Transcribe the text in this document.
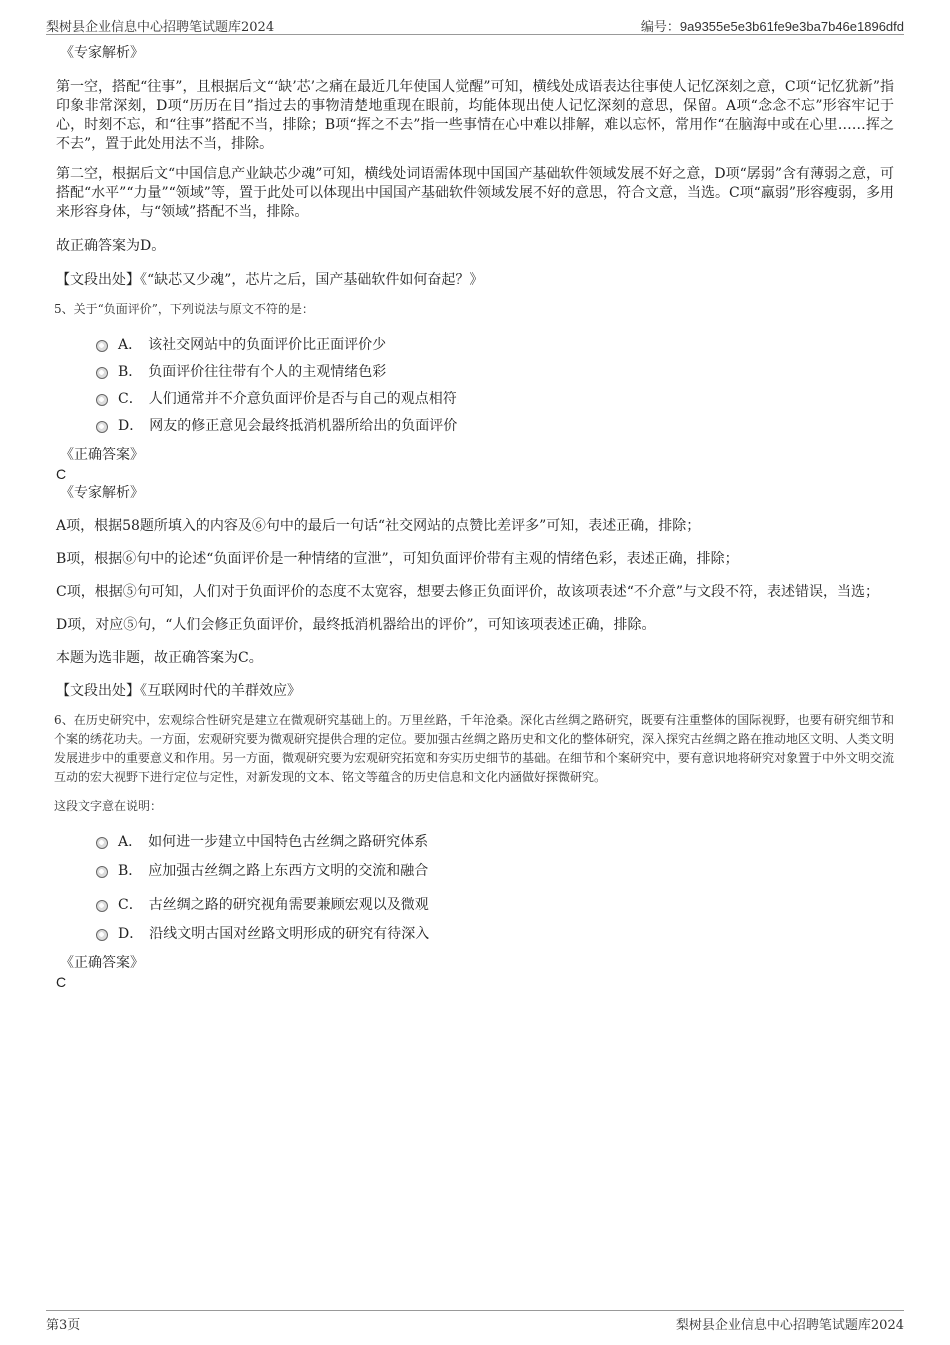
梨树县企业信息中心招聘笔试题库2024	编号：9a9355e5e3b61fe9e3ba7b46e1896dfd

《专家解析》

第一空，搭配“往事”，且根据后文“‘缺’芯’之痛在最近几年使国人觉醒”可知，横线处成语表达往事使人记忆深刻之意，C项“记忆犹新”指印象非常深刻，D项“历历在目”指过去的事物清楚地重现在眼前，均能体现出使人记忆深刻的意思，保留。A项“念念不忘”形容牢记于心，时刻不忘，和“往事”搭配不当，排除；B项“挥之不去”指一些事情在心中难以排解，难以忘怀，常用作“在脑海中或在心里……挥之不去”，置于此处用法不当，排除。

第二空，根据后文“中国信息产业缺芯少魂”可知，横线处词语需体现中国国产基础软件领域发展不好之意，D项“孱弱”含有薄弱之意，可搭配“水平”“力量”“领域”等，置于此处可以体现出中国国产基础软件领域发展不好的意思，符合文意，当选。C项“羸弱”形容瘦弱，多用来形容身体，与“领域”搭配不当，排除。

故正确答案为D。

【文段出处】《“缺芯又少魂”，芯片之后，国产基础软件如何奋起？》

5、关于“负面评价”，下列说法与原文不符的是：

A． 该社交网站中的负面评价比正面评价少
B． 负面评价往往带有个人的主观情绪色彩
C． 人们通常并不介意负面评价是否与自己的观点相符
D． 网友的修正意见会最终抵消机器所给出的负面评价

《正确答案》

C

《专家解析》

A项，根据58题所填入的内容及⑥句中的最后一句话“社交网站的点赞比差评多”可知，表述正确，排除；

B项，根据⑥句中的论述“负面评价是一种情绪的宣泄”，可知负面评价带有主观的情绪色彩，表述正确，排除；

C项，根据⑤句可知，人们对于负面评价的态度不太宽容，想要去修正负面评价，故该项表述“不介意”与文段不符，表述错误，当选；

D项，对应⑤句，“人们会修正负面评价，最终抵消机器给出的评价”，可知该项表述正确，排除。

本题为选非题，故正确答案为C。

【文段出处】《互联网时代的羊群效应》

6、在历史研究中，宏观综合性研究是建立在微观研究基础上的。万里丝路，千年沧桑。深化古丝绸之路研究，既要有注重整体的国际视野，也要有研究细节和个案的绣花功夫。一方面，宏观研究要为微观研究提供合理的定位。要加强古丝绸之路历史和文化的整体研究，深入探究古丝绸之路在推动地区文明、人类文明发展进步中的重要意义和作用。另一方面，微观研究要为宏观研究拓宽和夯实历史细节的基础。在细节和个案研究中，要有意识地将研究对象置于中外文明交流互动的宏大视野下进行定位与定性，对新发现的文本、铭文等蕴含的历史信息和文化内涵做好探微研究。

这段文字意在说明：

A． 如何进一步建立中国特色古丝绸之路研究体系
B． 应加强古丝绸之路上东西方文明的交流和融合
C． 古丝绸之路的研究视角需要兼顾宏观以及微观
D． 沿线文明古国对丝路文明形成的研究有待深入

《正确答案》

C

第3页	梨树县企业信息中心招聘笔试题库2024
